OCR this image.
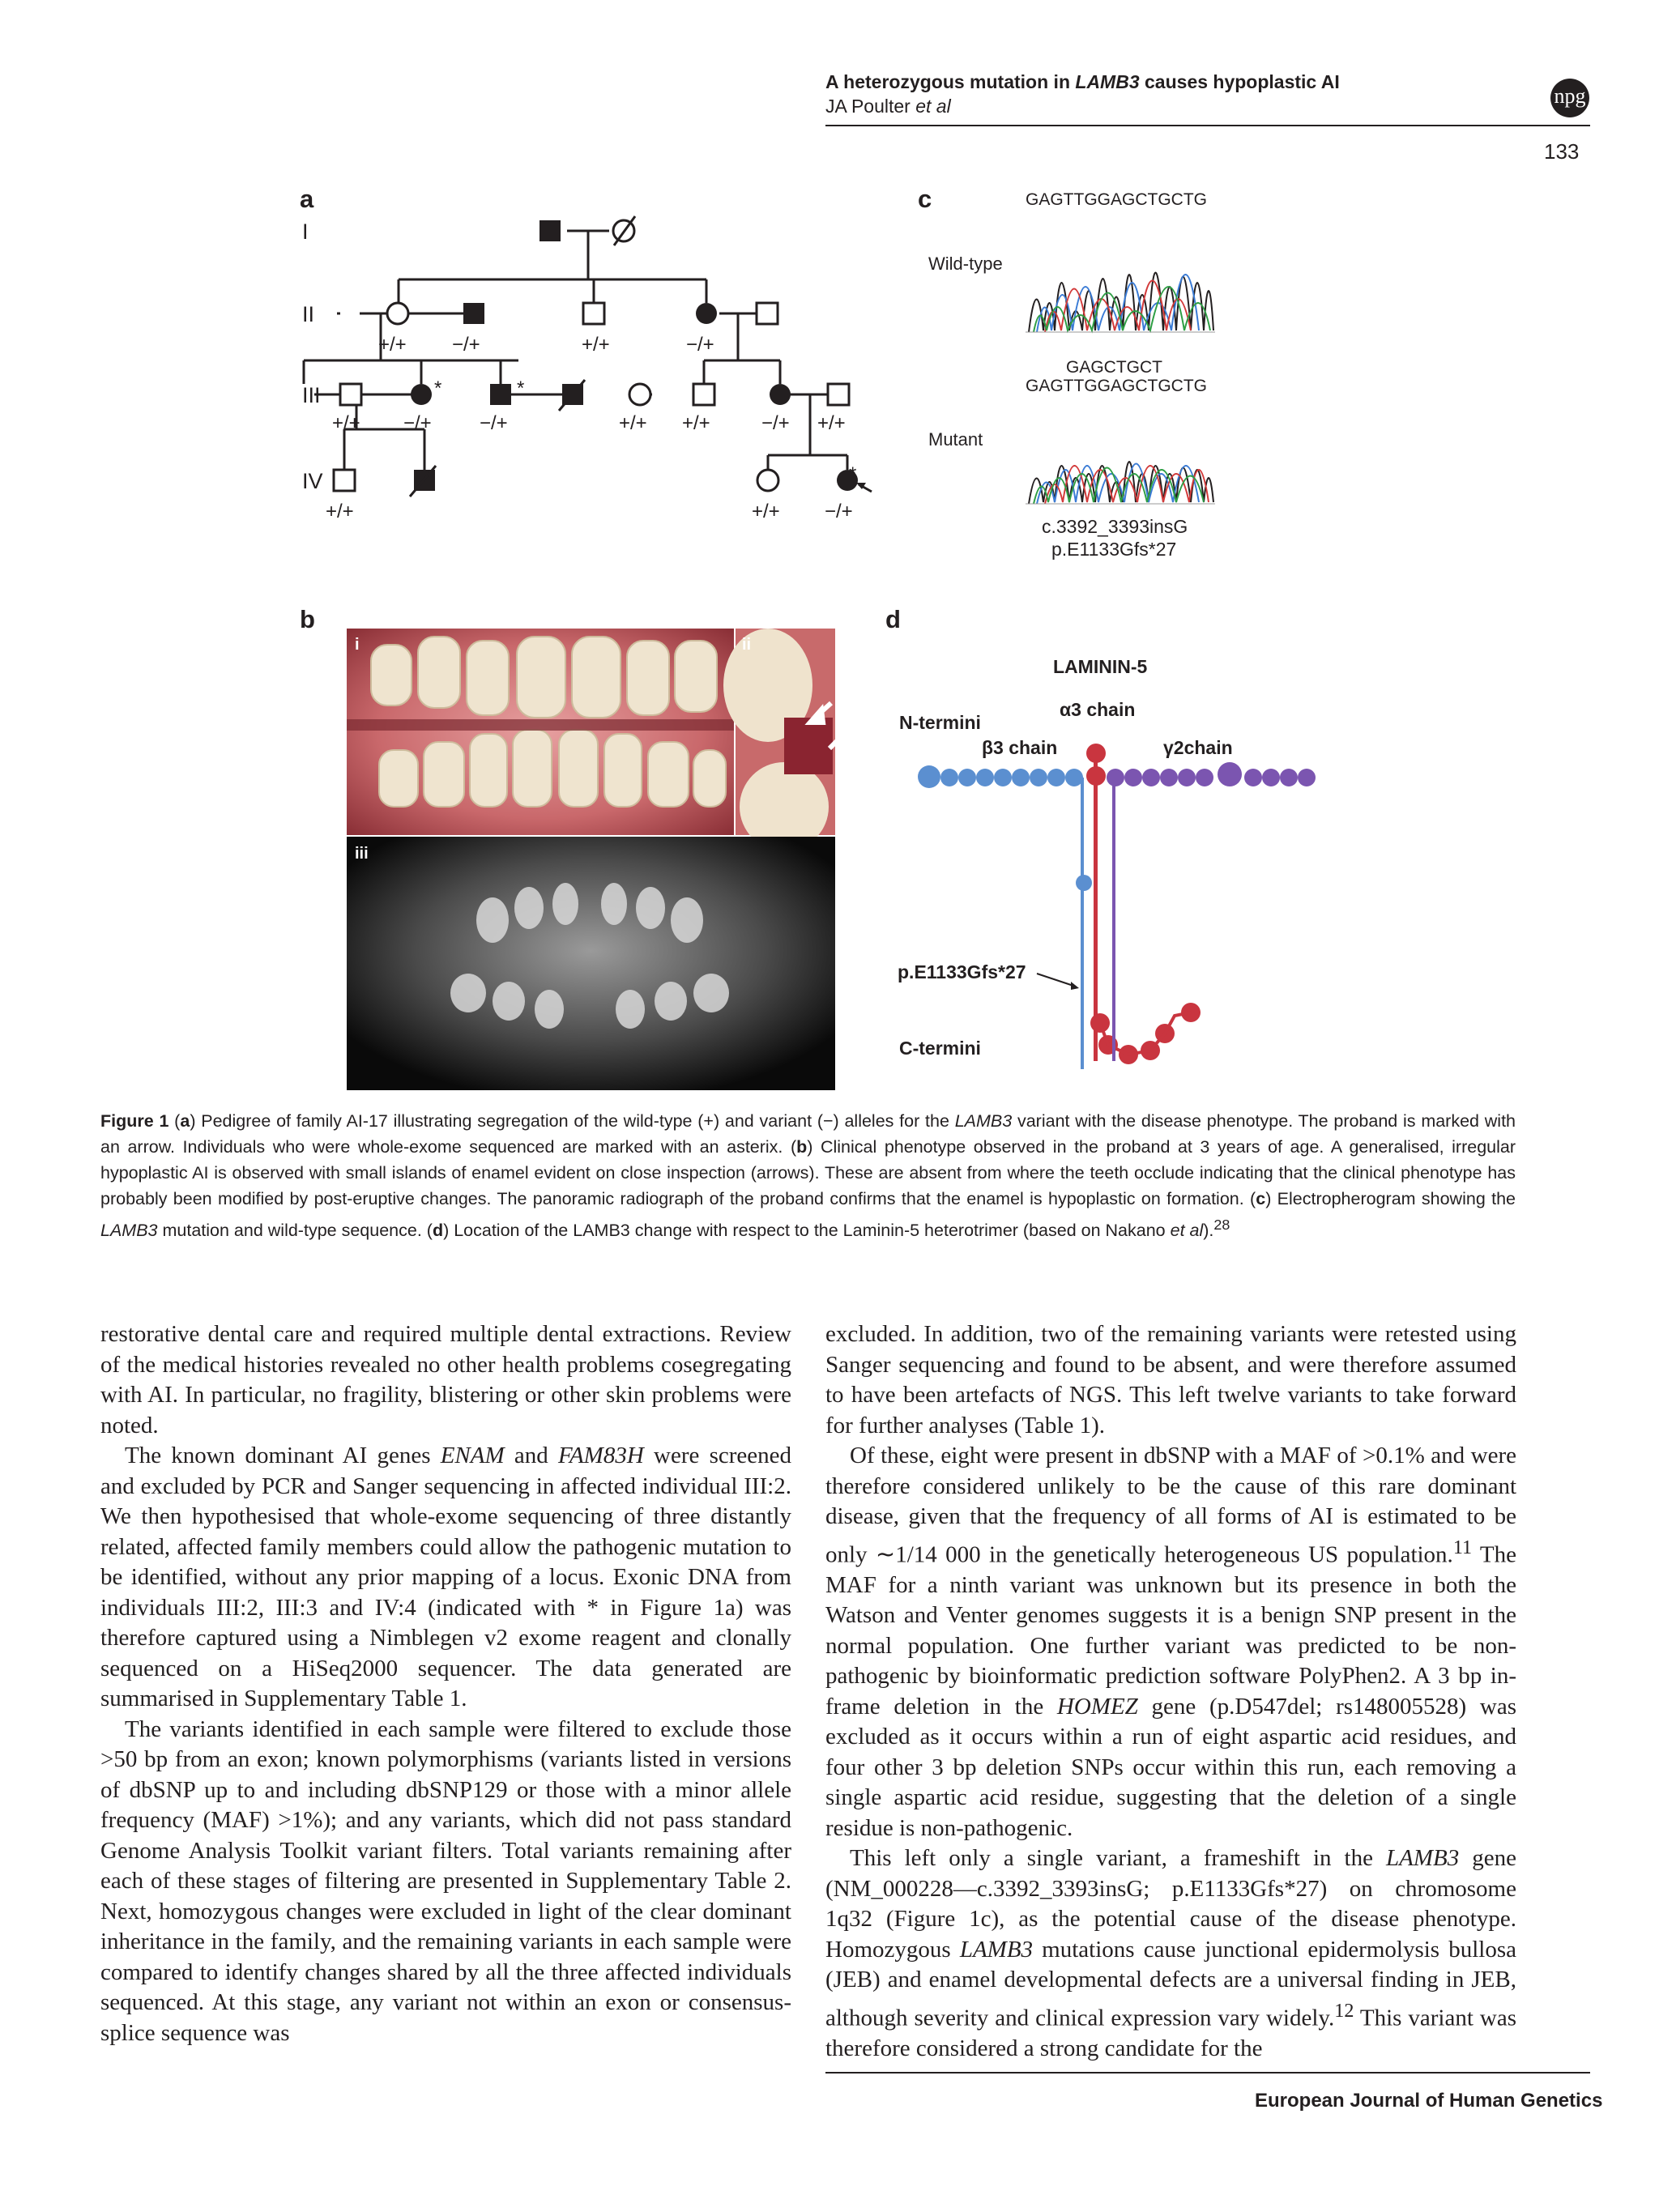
A heterozygous mutation in LAMB3 causes hypoplastic AI
JA Poulter et al	npg
133
a
I
II
III
IV
*	*
*
+/+ −/+	+/+	−/+
+/+ −/+ −/+	+/+ +/+	−/+ +/+
+/+	+/+ −/+
c	GAGTTGGAGCTGCTG
Wild-type
GAGCTGCT
GAGTTGGAGCTGCTG
Mutant
c.3392_3393insG
p.E1133Gfs*27
b
i	ii
iii
d
LAMININ-5
α3 chain
N-termini
β3 chain	γ2chain
p.E1133Gfs*27
C-termini
Figure 1 (a) Pedigree of family AI-17 illustrating segregation of the wild-type (+) and variant (−) alleles for the LAMB3 variant with the disease phenotype. The proband is marked with an arrow. Individuals who were whole-exome sequenced are marked with an asterix. (b) Clinical phenotype observed in the proband at 3 years of age. A generalised, irregular hypoplastic AI is observed with small islands of enamel evident on close inspection (arrows). These are absent from where the teeth occlude indicating that the clinical phenotype has probably been modified by post-eruptive changes. The panoramic radiograph of the proband confirms that the enamel is hypoplastic on formation. (c) Electropherogram showing the LAMB3 mutation and wild-type sequence. (d) Location of the LAMB3 change with respect to the Laminin-5 heterotrimer (based on Nakano et al).$^{28}$

restorative dental care and required multiple dental extractions. Review of the medical histories revealed no other health problems cosegregating with AI. In particular, no fragility, blistering or other skin problems were noted.

The known dominant AI genes ENAM and FAM83H were screened and excluded by PCR and Sanger sequencing in affected individual III:2. We then hypothesised that whole-exome sequencing of three distantly related, affected family members could allow the pathogenic mutation to be identified, without any prior mapping of a locus. Exonic DNA from individuals III:2, III:3 and IV:4 (indicated with * in Figure 1a) was therefore captured using a Nimblegen v2 exome reagent and clonally sequenced on a HiSeq2000 sequencer. The data generated are summarised in Supplementary Table 1.

The variants identified in each sample were filtered to exclude those >50 bp from an exon; known polymorphisms (variants listed in versions of dbSNP up to and including dbSNP129 or those with a minor allele frequency (MAF) >1%); and any variants, which did not pass standard Genome Analysis Toolkit variant filters. Total variants remaining after each of these stages of filtering are presented in Supplementary Table 2. Next, homozygous changes were excluded in light of the clear dominant inheritance in the family, and the remaining variants in each sample were compared to identify changes shared by all the three affected individuals sequenced. At this stage, any variant not within an exon or consensus-splice sequence was

excluded. In addition, two of the remaining variants were retested using Sanger sequencing and found to be absent, and were therefore assumed to have been artefacts of NGS. This left twelve variants to take forward for further analyses (Table 1).

Of these, eight were present in dbSNP with a MAF of >0.1% and were therefore considered unlikely to be the cause of this rare dominant disease, given that the frequency of all forms of AI is estimated to be only ∼1/14 000 in the genetically heterogeneous US population.$^{11}$ The MAF for a ninth variant was unknown but its presence in both the Watson and Venter genomes suggests it is a benign SNP present in the normal population. One further variant was predicted to be non-pathogenic by bioinformatic prediction software PolyPhen2. A 3 bp in-frame deletion in the HOMEZ gene (p.D547del; rs148005528) was excluded as it occurs within a run of eight aspartic acid residues, and four other 3 bp deletion SNPs occur within this run, each removing a single aspartic acid residue, suggesting that the deletion of a single residue is non-pathogenic.

This left only a single variant, a frameshift in the LAMB3 gene (NM_000228—c.3392_3393insG; p.E1133Gfs*27) on chromosome 1q32 (Figure 1c), as the potential cause of the disease phenotype. Homozygous LAMB3 mutations cause junctional epidermolysis bullosa (JEB) and enamel developmental defects are a universal finding in JEB, although severity and clinical expression vary widely.$^{12}$ This variant was therefore considered a strong candidate for the

European Journal of Human Genetics
